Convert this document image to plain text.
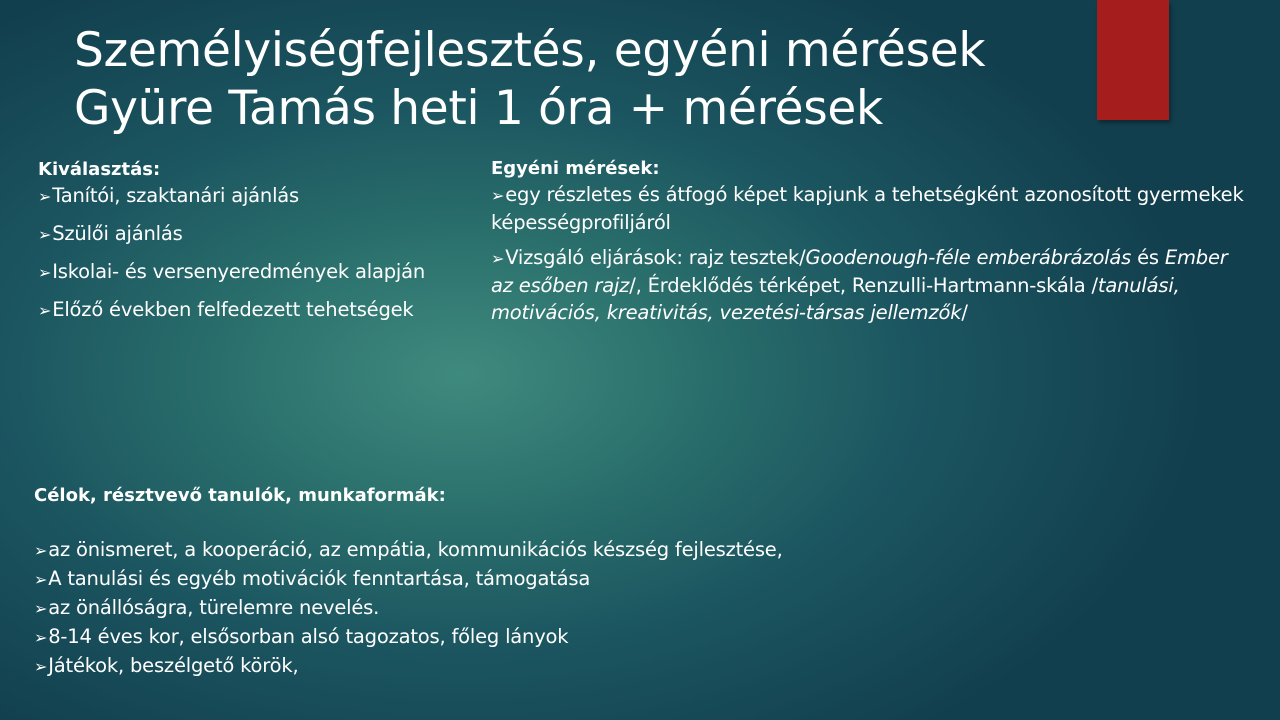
Személyiségfejlesztés, egyéni mérések
Gyüre Tamás heti 1 óra + mérések

Kiválasztás:

➢Tanítói, szaktanári ajánlás
➢Szülői ajánlás
➢Iskolai- és versenyeredmények alapján
➢Előző években felfedezett tehetségek

Egyéni mérések:

➢egy részletes és átfogó képet kapjunk a tehetségként azonosított gyermekek képességprofiljáról
➢Vizsgáló eljárások: rajz tesztek/Goodenough-féle emberábrázolás és Ember az esőben rajz/, Érdeklődés térképet, Renzulli-Hartmann-skála /tanulási, motivációs, kreativitás, vezetési-társas jellemzők/

Célok, résztvevő tanulók, munkaformák:

➢az önismeret, a kooperáció, az empátia, kommunikációs készség fejlesztése,
➢A tanulási és egyéb motivációk fenntartása, támogatása
➢az önállóságra, türelemre nevelés.
➢8-14 éves kor, elsősorban alsó tagozatos, főleg lányok
➢Játékok, beszélgető körök,
